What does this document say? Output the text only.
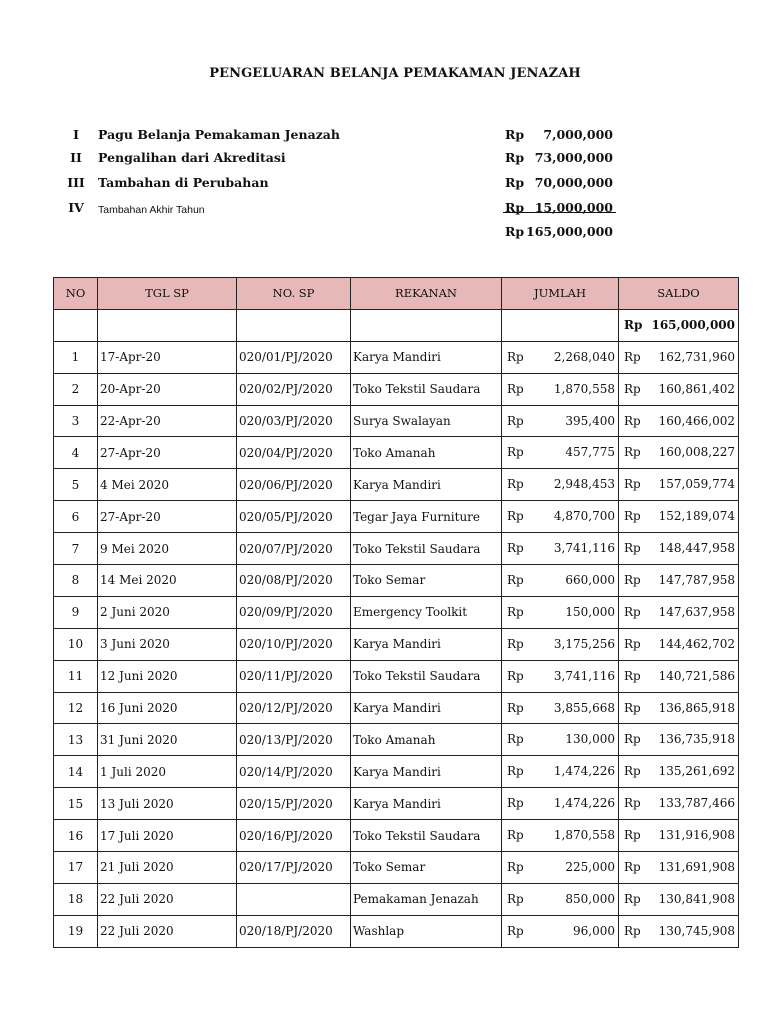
PENGELUARAN BELANJA PEMAKAMAN JENAZAH
I	Pagu Belanja Pemakaman Jenazah	Rp	7,000,000
II	Pengalihan dari Akreditasi	Rp 73,000,000
III Tambahan di Perubahan	Rp 70,000,000
IV Tambahan Akhir Tahun	Rp 15,000,000
Rp 165,000,000
NO	TGL SP	NO. SP	REKANAN	JUMLAH	SALDO

					Rp 165,000,000

1	17-Apr-20	020/01/PJ/2020	Karya Mandiri	Rp 2,268,040	Rp 162,731,960

2	20-Apr-20	020/02/PJ/2020	Toko Tekstil Saudara	Rp 1,870,558	Rp 160,861,402

3	22-Apr-20	020/03/PJ/2020	Surya Swalayan	Rp 395,400	Rp 160,466,002

4	27-Apr-20	020/04/PJ/2020	Toko Amanah	Rp 457,775	Rp 160,008,227

5	4 Mei 2020	020/06/PJ/2020	Karya Mandiri	Rp 2,948,453	Rp 157,059,774

6	27-Apr-20	020/05/PJ/2020	Tegar Jaya Furniture	Rp 4,870,700	Rp 152,189,074

7	9 Mei 2020	020/07/PJ/2020	Toko Tekstil Saudara	Rp 3,741,116	Rp 148,447,958

8	14 Mei 2020	020/08/PJ/2020	Toko Semar	Rp 660,000	Rp 147,787,958

9	2 Juni 2020	020/09/PJ/2020	Emergency Toolkit	Rp 150,000	Rp 147,637,958

10	3 Juni 2020	020/10/PJ/2020	Karya Mandiri	Rp 3,175,256	Rp 144,462,702

11	12 Juni 2020	020/11/PJ/2020	Toko Tekstil Saudara	Rp 3,741,116	Rp 140,721,586

12	16 Juni 2020	020/12/PJ/2020	Karya Mandiri	Rp 3,855,668	Rp 136,865,918

13	31 Juni 2020	020/13/PJ/2020	Toko Amanah	Rp 130,000	Rp 136,735,918

14	1 Juli 2020	020/14/PJ/2020	Karya Mandiri	Rp 1,474,226	Rp 135,261,692

15	13 Juli 2020	020/15/PJ/2020	Karya Mandiri	Rp 1,474,226	Rp 133,787,466

16	17 Juli 2020	020/16/PJ/2020	Toko Tekstil Saudara	Rp 1,870,558	Rp 131,916,908

17	21 Juli 2020	020/17/PJ/2020	Toko Semar	Rp 225,000	Rp 131,691,908

18	22 Juli 2020		Pemakaman Jenazah	Rp 850,000	Rp 130,841,908

19	22 Juli 2020	020/18/PJ/2020	Washlap	Rp 96,000	Rp 130,745,908
